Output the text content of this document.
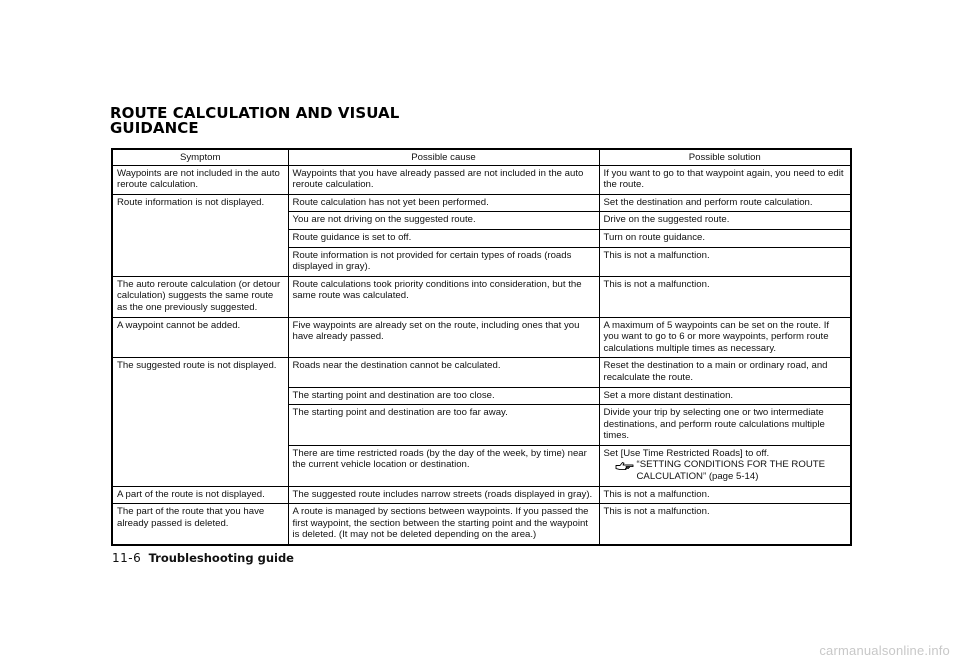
ROUTE CALCULATION AND VISUAL
GUIDANCE
Symptom	Possible cause	Possible solution
Waypoints are not included in the auto reroute calculation.	Waypoints that you have already passed are not included in the auto reroute calculation.	If you want to go to that waypoint again, you need to edit the route.
Route information is not displayed.	Route calculation has not yet been performed.	Set the destination and perform route calculation.
	You are not driving on the suggested route.	Drive on the suggested route.
	Route guidance is set to off.	Turn on route guidance.
	Route information is not provided for certain types of roads (roads displayed in gray).	This is not a malfunction.
The auto reroute calculation (or detour calculation) suggests the same route as the one previously suggested.	Route calculations took priority conditions into consideration, but the same route was calculated.	This is not a malfunction.
A waypoint cannot be added.	Five waypoints are already set on the route, including ones that you have already passed.	A maximum of 5 waypoints can be set on the route. If you want to go to 6 or more waypoints, perform route calculations multiple times as necessary.
The suggested route is not displayed.	Roads near the destination cannot be calculated.	Reset the destination to a main or ordinary road, and recalculate the route.
	The starting point and destination are too close.	Set a more distant destination.
	The starting point and destination are too far away.	Divide your trip by selecting one or two intermediate destinations, and perform route calculations multiple times.
	There are time restricted roads (by the day of the week, by time) near the current vehicle location or destination.	Set [Use Time Restricted Roads] to off.
“SETTING CONDITIONS FOR THE ROUTE CALCULATION” (page 5-14)

A part of the route is not displayed.	The suggested route includes narrow streets (roads displayed in gray).	This is not a malfunction.
The part of the route that you have already passed is deleted.	A route is managed by sections between waypoints. If you passed the first waypoint, the section between the starting point and the waypoint is deleted. (It may not be deleted depending on the area.)	This is not a malfunction.
11-6 Troubleshooting guide
carmanualsonline.info
